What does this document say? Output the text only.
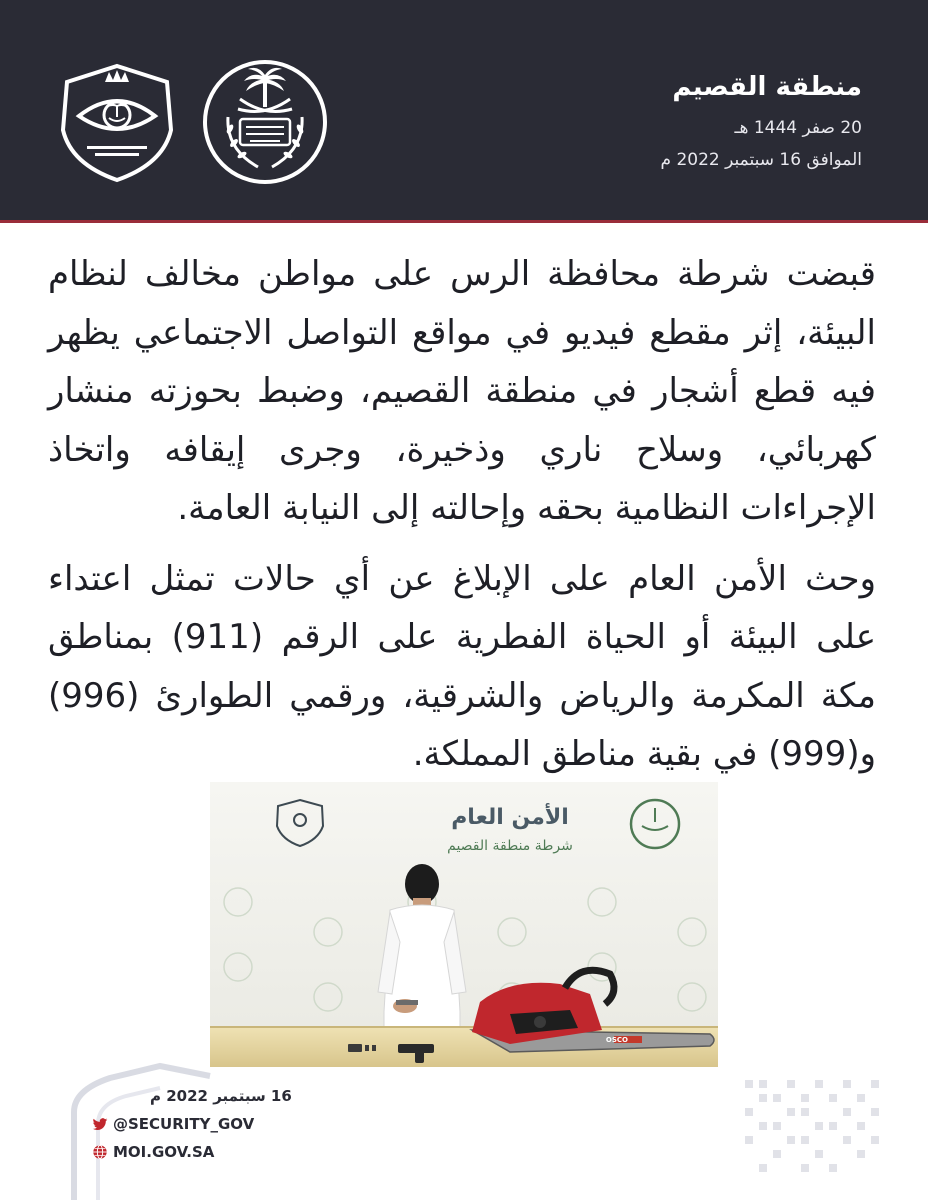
منطقة القصيم
20 صفر 1444 هـ
الموافق 16 سبتمبر 2022 م

قبضت شرطة محافظة الرس على مواطن مخالف لنظام البيئة، إثر مقطع فيديو في مواقع التواصل الاجتماعي يظهر فيه قطع أشجار في منطقة القصيم، وضبط بحوزته منشار كهربائي، وسلاح ناري وذخيرة، وجرى إيقافه واتخاذ الإجراءات النظامية بحقه وإحالته إلى النيابة العامة.

وحث الأمن العام على الإبلاغ عن أي حالات تمثل اعتداء على البيئة أو الحياة الفطرية على الرقم (911) بمناطق مكة المكرمة والرياض والشرقية، ورقمي الطوارئ (996) و(999) في بقية مناطق المملكة.

الأمن العام
شرطة منطقة القصيم
OSCO
16 سبتمبر 2022 م
@SECURITY_GOV
MOI.GOV.SA
